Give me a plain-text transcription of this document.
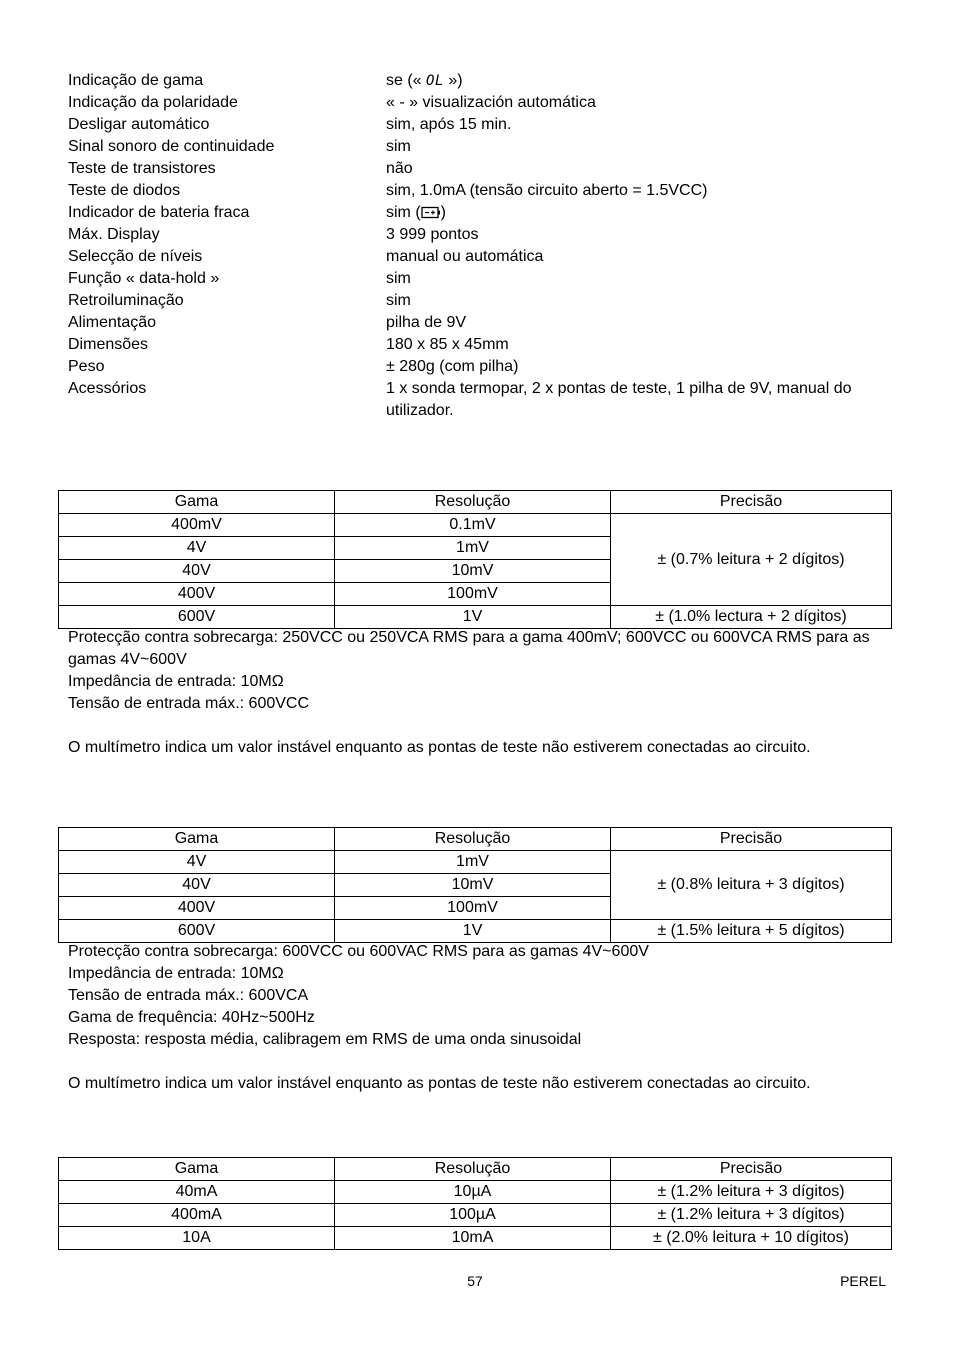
Indicação de gama	se (« OL »)
Indicação da polaridade	« - » visualización automática
Desligar automático	sim, após 15 min.
Sinal sonoro de continuidade	sim
Teste de transistores	não
Teste de diodos	sim, 1.0mA (tensão circuito aberto = 1.5VCC)
Indicador de bateria fraca	sim ( )
Máx. Display	3 999 pontos
Selecção de níveis	manual ou automática
Função « data-hold »	sim
Retroiluminação	sim
Alimentação	pilha de 9V
Dimensões	180 x 85 x 45mm
Peso	± 280g (com pilha)
Acessórios	1 x sonda termopar, 2 x pontas de teste, 1 pilha de 9V, manual do utilizador.
Gama	Resolução	Precisão
400mV	0.1mV	± (0.7% leitura + 2 dígitos)
4V	1mV	
40V	10mV	
400V	100mV	
600V	1V	± (1.0% lectura + 2 dígitos)

Protecção contra sobrecarga: 250VCC ou 250VCA RMS para a gama 400mV; 600VCC ou 600VCA RMS para as gamas 4V~600V

Impedância de entrada: 10MΩ

Tensão de entrada máx.: 600VCC

O multímetro indica um valor instável enquanto as pontas de teste não estiverem conectadas ao circuito.

Gama	Resolução	Precisão
4V	1mV	± (0.8% leitura + 3 dígitos)
40V	10mV	
400V	100mV	
600V	1V	± (1.5% leitura + 5 dígitos)

Protecção contra sobrecarga: 600VCC ou 600VAC RMS para as gamas 4V~600V

Impedância de entrada: 10MΩ

Tensão de entrada máx.: 600VCA

Gama de frequência: 40Hz~500Hz

Resposta: resposta média, calibragem em RMS de uma onda sinusoidal

O multímetro indica um valor instável enquanto as pontas de teste não estiverem conectadas ao circuito.

Gama	Resolução	Precisão
40mA	10µA	± (1.2% leitura + 3 dígitos)
400mA	100µA	± (1.2% leitura + 3 dígitos)
10A	10mA	± (2.0% leitura + 10 dígitos)
57	PEREL
